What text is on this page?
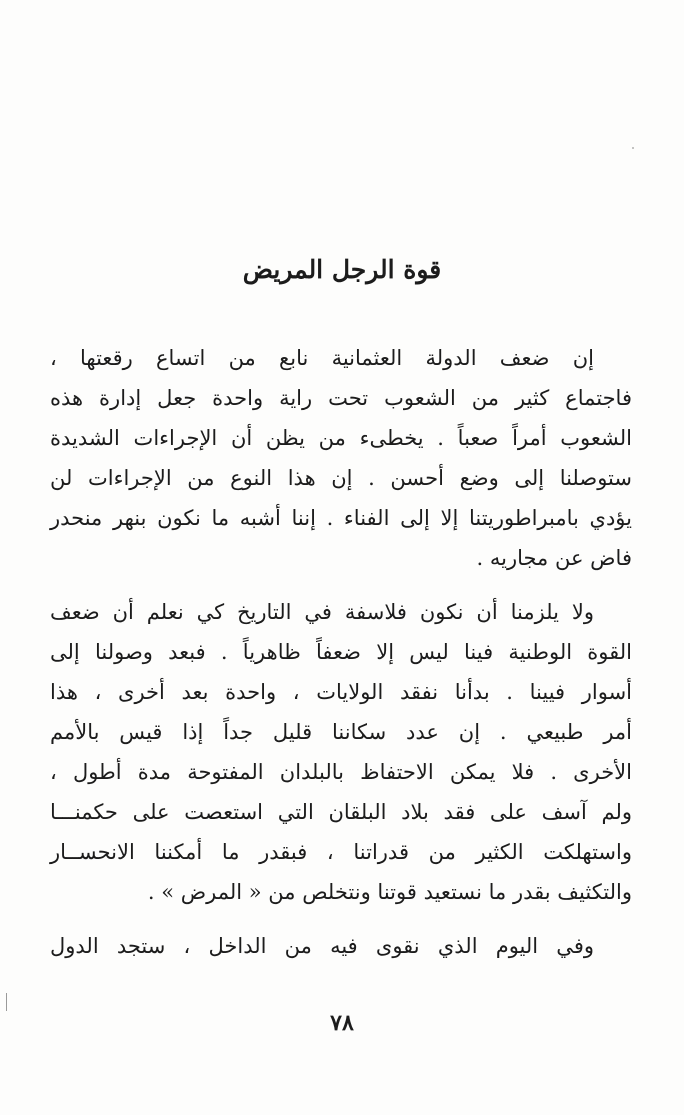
قوة الرجل المريض
إن ضعف الدولة العثمانية نابع من اتساع رقعتها ،
فاجتماع كثير من الشعوب تحت راية واحدة جعل إدارة هذه
الشعوب أمراً صعباً . يخطىء من يظن أن الإجراءات الشديدة
ستوصلنا إلى وضع أحسن . إن هذا النوع من الإجراءات لن
يؤدي بامبراطوريتنا إلا إلى الفناء . إننا أشبه ما نكون بنهر منحدر
فاض عن مجاريه .
ولا يلزمنا أن نكون فلاسفة في التاريخ كي نعلم أن ضعف
القوة الوطنية فينا ليس إلا ضعفاً ظاهرياً . فبعد وصولنا إلى
أسوار فيينا . بدأنا نفقد الولايات ، واحدة بعد أخرى ، هذا
أمر طبيعي . إن عدد سكاننا قليل جداً إذا قيس بالأمم
الأخرى . فلا يمكن الاحتفاظ بالبلدان المفتوحة مدة أطول ،
ولم آسف على فقد بلاد البلقان التي استعصت على حكمنـــا
واستهلكت الكثير من قدراتنا ، فبقدر ما أمكننا الانحســار
والتكثيف بقدر ما نستعيد قوتنا ونتخلص من « المرض » .
وفي اليوم الذي نقوى فيه من الداخل ، ستجد الدول
٧٨
